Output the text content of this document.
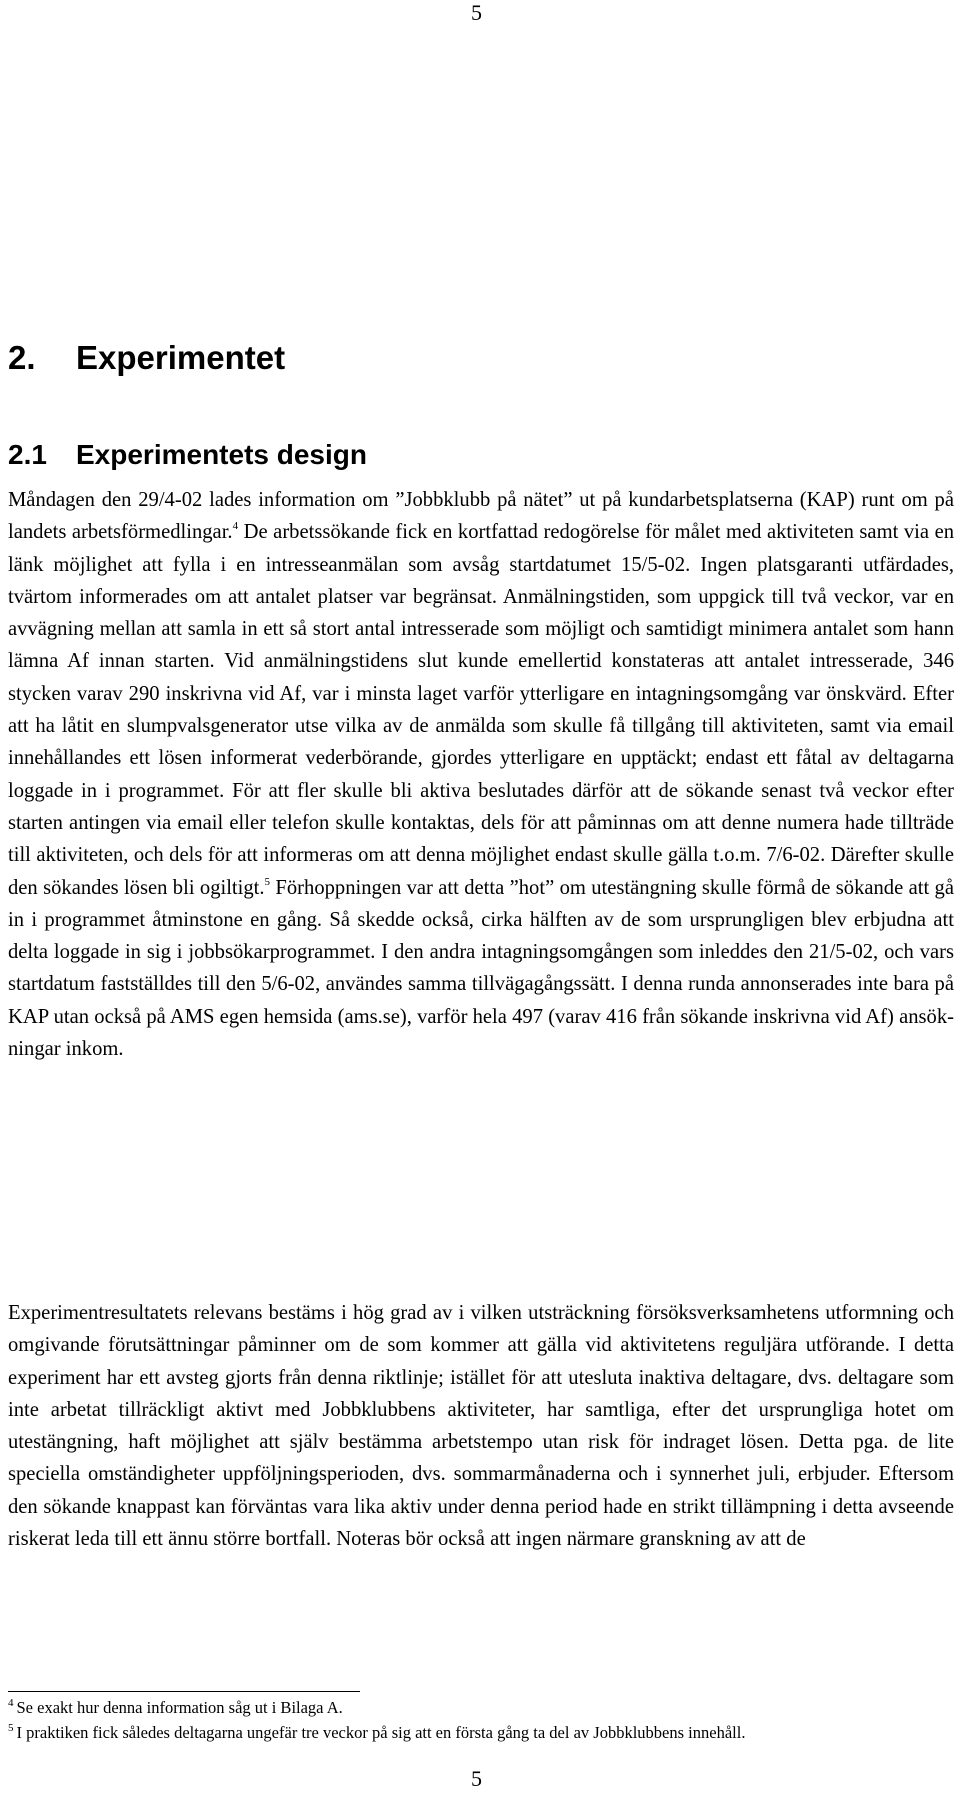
5
2. Experimentet
2.1 Experimentets design

Måndagen den 29/4-02 lades information om ”Jobbklubb på nätet” ut på kundarbetsplatserna (KAP) runt om på landets arbetsförmedlingar.$^4$ De arbetssökande fick en kortfattad redogörelse för målet med aktiviteten samt via en länk möjlighet att fylla i en intresseanmälan som avsåg startdatumet 15/5-02. Ingen platsgaranti utfärdades, tvärtom informerades om att antalet platser var begränsat. Anmälningstiden, som uppgick till två veckor, var en avvägning mellan att samla in ett så stort antal intresserade som möjligt och samtidigt minimera antalet som hann lämna Af innan starten. Vid anmälningstidens slut kunde emellertid konstateras att antalet intresserade, 346 stycken varav 290 inskrivna vid Af, var i minsta laget varför ytterligare en intagningsomgång var önskvärd. Efter att ha låtit en slumpvalsgenerator utse vilka av de anmälda som skulle få tillgång till aktiviteten, samt via email innehållandes ett lösen informerat vederbörande, gjordes ytterligare en upptäckt; endast ett fåtal av deltagarna loggade in i programmet. För att fler skulle bli aktiva beslutades därför att de sökande senast två veckor efter starten antingen via email eller telefon skulle kontaktas, dels för att påminnas om att denne numera hade tillträde till aktiviteten, och dels för att informeras om att denna möjlighet endast skulle gälla t.o.m. 7/6-02. Därefter skulle den sökandes lösen bli ogiltigt.$^5$ Förhoppningen var att detta ”hot” om utestängning skulle förmå de sökande att gå in i programmet åtminstone en gång. Så skedde också, cirka hälften av de som ursprungligen blev erbjudna att delta loggade in sig i jobbsökarprogrammet. I den andra intagningsomgången som inleddes den 21/5-02, och vars startdatum fastställdes till den 5/6-02, användes samma tillvägagångssätt. I denna runda annonserades inte bara på KAP utan också på AMS egen hemsida (ams.se), varför hela 497 (varav 416 från sökande inskrivna vid Af) ansökningar inkom.

Experimentresultatets relevans bestäms i hög grad av i vilken utsträckning försöksverksamhetens utformning och omgivande förutsättningar påminner om de som kommer att gälla vid aktivitetens reguljära utförande. I detta experiment har ett avsteg gjorts från denna riktlinje; istället för att utesluta inaktiva deltagare, dvs. deltagare som inte arbetat tillräckligt aktivt med Jobbklubbens aktiviteter, har samtliga, efter det ursprungliga hotet om utestängning, haft möjlighet att själv bestämma arbetstempo utan risk för indraget lösen. Detta pga. de lite speciella omständigheter uppföljningsperioden, dvs. sommarmånaderna och i synnerhet juli, erbjuder. Eftersom den sökande knappast kan förväntas vara lika aktiv under denna period hade en strikt tillämpning i detta avseende riskerat leda till ett ännu större bortfall. Noteras bör också att ingen närmare granskning av att de

$^4$ Se exakt hur denna information såg ut i Bilaga A.

$^5$ I praktiken fick således deltagarna ungefär tre veckor på sig att en första gång ta del av Jobbklubbens innehåll.

5
